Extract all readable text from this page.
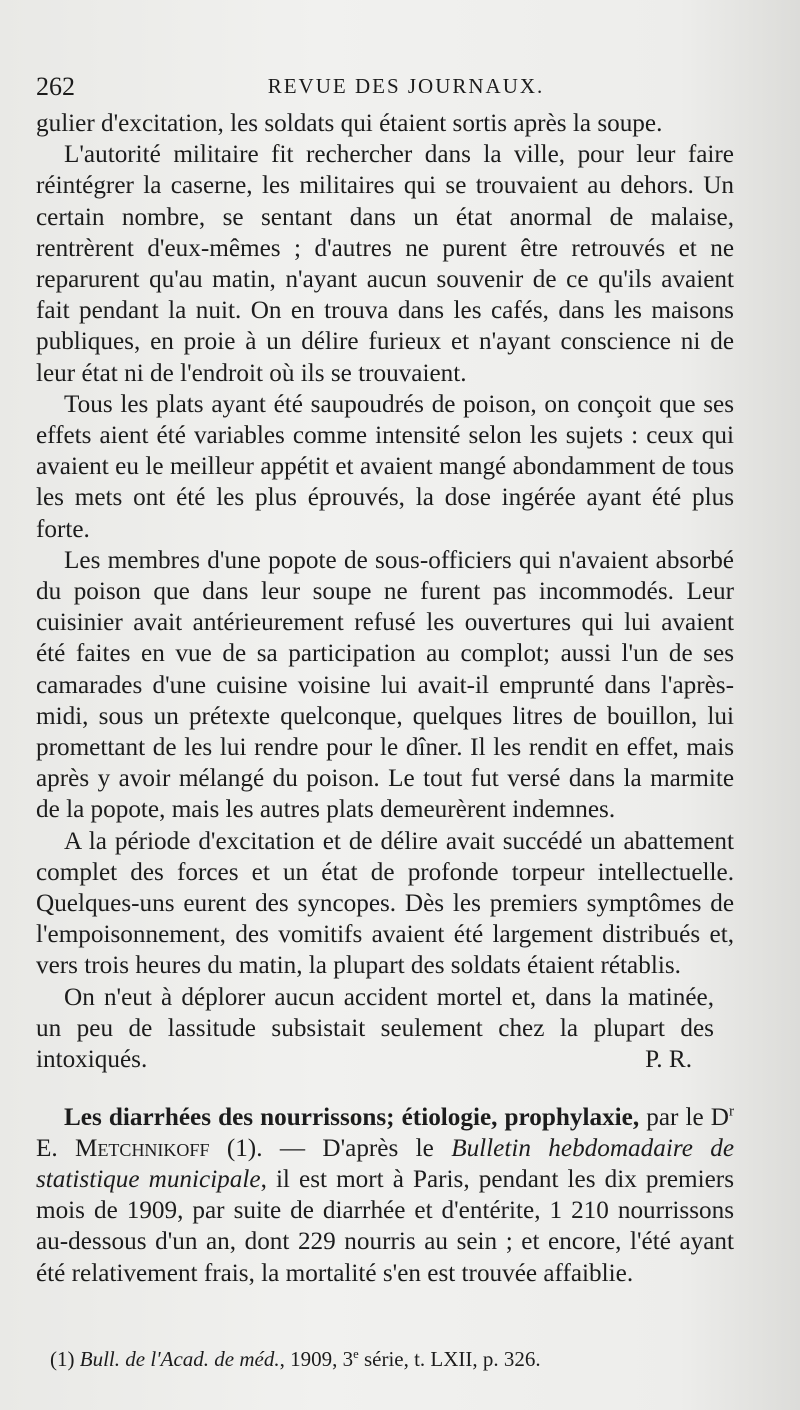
262	REVUE DES JOURNAUX.

gulier d'excitation, les soldats qui étaient sortis après la soupe.

L'autorité militaire fit rechercher dans la ville, pour leur faire réintégrer la caserne, les militaires qui se trouvaient au dehors. Un certain nombre, se sentant dans un état anormal de malaise, rentrèrent d'eux-mêmes ; d'autres ne purent être retrouvés et ne reparurent qu'au matin, n'ayant aucun souvenir de ce qu'ils avaient fait pendant la nuit. On en trouva dans les cafés, dans les maisons publiques, en proie à un délire furieux et n'ayant conscience ni de leur état ni de l'endroit où ils se trouvaient.

Tous les plats ayant été saupoudrés de poison, on conçoit que ses effets aient été variables comme intensité selon les sujets : ceux qui avaient eu le meilleur appétit et avaient mangé abondamment de tous les mets ont été les plus éprouvés, la dose ingérée ayant été plus forte.

Les membres d'une popote de sous-officiers qui n'avaient absorbé du poison que dans leur soupe ne furent pas incommodés. Leur cuisinier avait antérieurement refusé les ouvertures qui lui avaient été faites en vue de sa participation au complot; aussi l'un de ses camarades d'une cuisine voisine lui avait-il emprunté dans l'après-midi, sous un prétexte quelconque, quelques litres de bouillon, lui promettant de les lui rendre pour le dîner. Il les rendit en effet, mais après y avoir mélangé du poison. Le tout fut versé dans la marmite de la popote, mais les autres plats demeurèrent indemnes.

A la période d'excitation et de délire avait succédé un abattement complet des forces et un état de profonde torpeur intellectuelle. Quelques-uns eurent des syncopes. Dès les premiers symptômes de l'empoisonnement, des vomitifs avaient été largement distribués et, vers trois heures du matin, la plupart des soldats étaient rétablis.

On n'eut à déplorer aucun accident mortel et, dans la matinée, un peu de lassitude subsistait seulement chez la plupart des intoxiqués.	P. R.

Les diarrhées des nourrissons; étiologie, prophylaxie, par le $D^r$ E. Metchnikoff (1). — D'après le Bulletin hebdomadaire de statistique municipale, il est mort à Paris, pendant les dix premiers mois de 1909, par suite de diarrhée et d'entérite, 1 210 nourrissons au-dessous d'un an, dont 229 nourris au sein ; et encore, l'été ayant été relativement frais, la mortalité s'en est trouvée affaiblie.

(1) Bull. de l'Acad. de méd., 1909, 3e série, t. LXII, p. 326.
